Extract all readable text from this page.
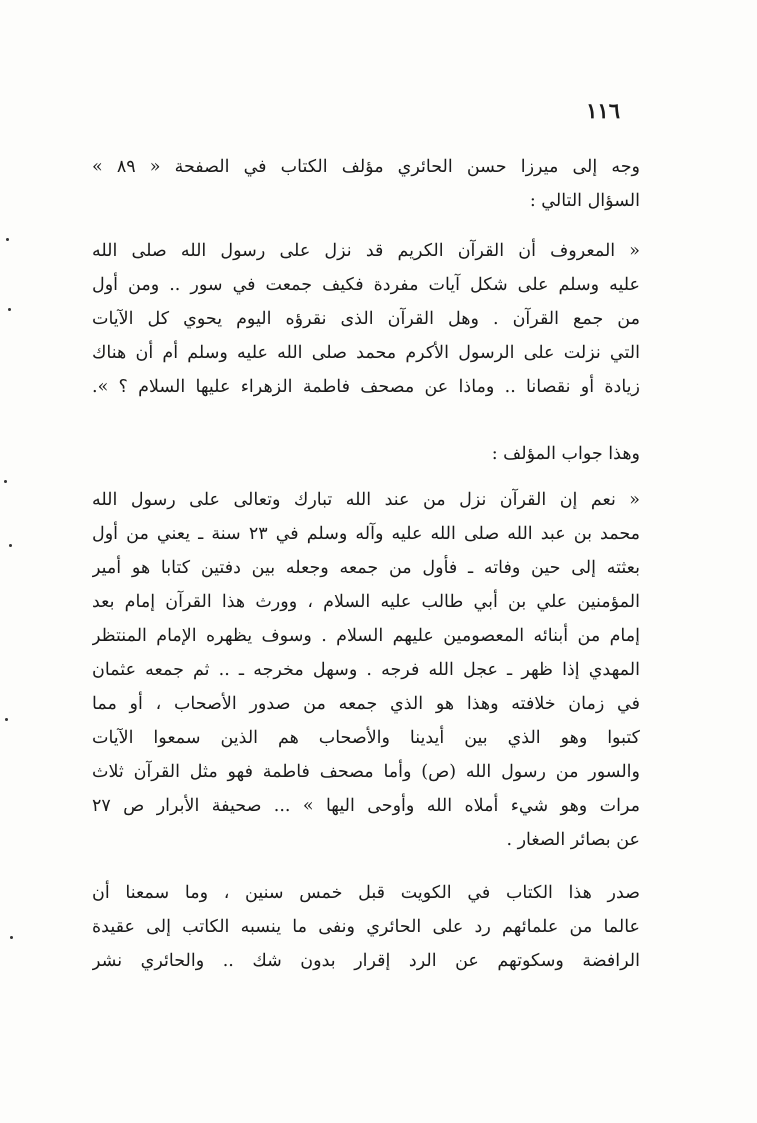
١١٦
وجه إلى ميرزا حسن الحائري مؤلف الكتاب في الصفحة « ٨٩ »
السؤال التالي :
« المعروف أن القرآن الكريم قد نزل على رسول الله صلى الله
عليه وسلم على شكل آيات مفردة فكيف جمعت في سور .. ومن أول
من جمع القرآن . وهل القرآن الذى نقرؤه اليوم يحوي كل الآيات
التي نزلت على الرسول الأكرم محمد صلى الله عليه وسلم أم أن هناك
زيادة أو نقصانا .. وماذا عن مصحف فاطمة الزهراء عليها السلام ؟ ».
وهذا جواب المؤلف :
« نعم إن القرآن نزل من عند الله تبارك وتعالى على رسول الله
محمد بن عبد الله صلى الله عليه وآله وسلم في ٢٣ سنة ـ يعني من أول
بعثته إلى حين وفاته ـ فأول من جمعه وجعله بين دفتين كتابا هو أمير
المؤمنين علي بن أبي طالب عليه السلام ، وورث هذا القرآن إمام بعد
إمام من أبنائه المعصومين عليهم السلام . وسوف يظهره الإمام المنتظر
المهدي إذا ظهر ـ عجل الله فرجه . وسهل مخرجه ـ .. ثم جمعه عثمان
في زمان خلافته وهذا هو الذي جمعه من صدور الأصحاب ، أو مما
كتبوا وهو الذي بين أيدينا والأصحاب هم الذين سمعوا الآيات
والسور من رسول الله (ص) وأما مصحف فاطمة فهو مثل القرآن ثلاث
مرات وهو شيء أملاه الله وأوحى اليها » ... صحيفة الأبرار ص ٢٧
عن بصائر الصغار .
صدر هذا الكتاب في الكويت قبل خمس سنين ، وما سمعنا أن
عالما من علمائهم رد على الحائري ونفى ما ينسبه الكاتب إلى عقيدة
الرافضة وسكوتهم عن الرد إقرار بدون شك .. والحائري نشر
